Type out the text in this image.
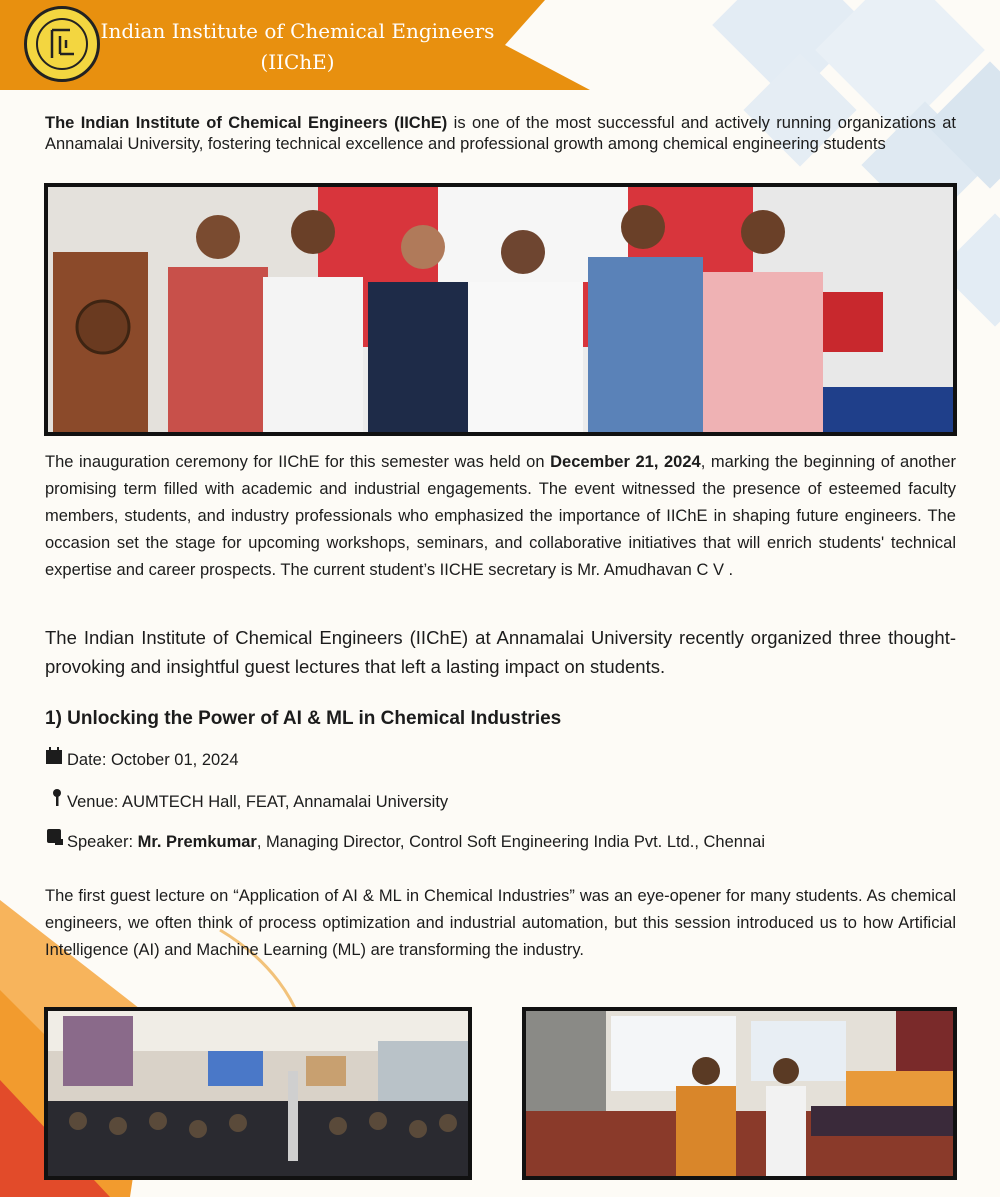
Indian Institute of Chemical Engineers
(IIChE)

The Indian Institute of Chemical Engineers (IIChE) is one of the most successful and actively running organizations at Annamalai University, fostering technical excellence and professional growth among chemical engineering students

The inauguration ceremony for IIChE for this semester was held on December 21, 2024, marking the beginning of another promising term filled with academic and industrial engagements. The event witnessed the presence of esteemed faculty members, students, and industry professionals who emphasized the importance of IIChE in shaping future engineers. The occasion set the stage for upcoming workshops, seminars, and collaborative initiatives that will enrich students' technical expertise and career prospects. The current student’s IICHE secretary is Mr. Amudhavan C V .

The Indian Institute of Chemical Engineers (IIChE) at Annamalai University recently organized three thought-provoking and insightful guest lectures that left a lasting impact on students.

1) Unlocking the Power of AI & ML in Chemical Industries
Date: October 01, 2024
Venue: AUMTECH Hall, FEAT, Annamalai University
Speaker: Mr. Premkumar, Managing Director, Control Soft Engineering India Pvt. Ltd., Chennai

The first guest lecture on “Application of AI & ML in Chemical Industries” was an eye-opener for many students. As chemical engineers, we often think of process optimization and industrial automation, but this session introduced us to how Artificial Intelligence (AI) and Machine Learning (ML) are transforming the industry.
